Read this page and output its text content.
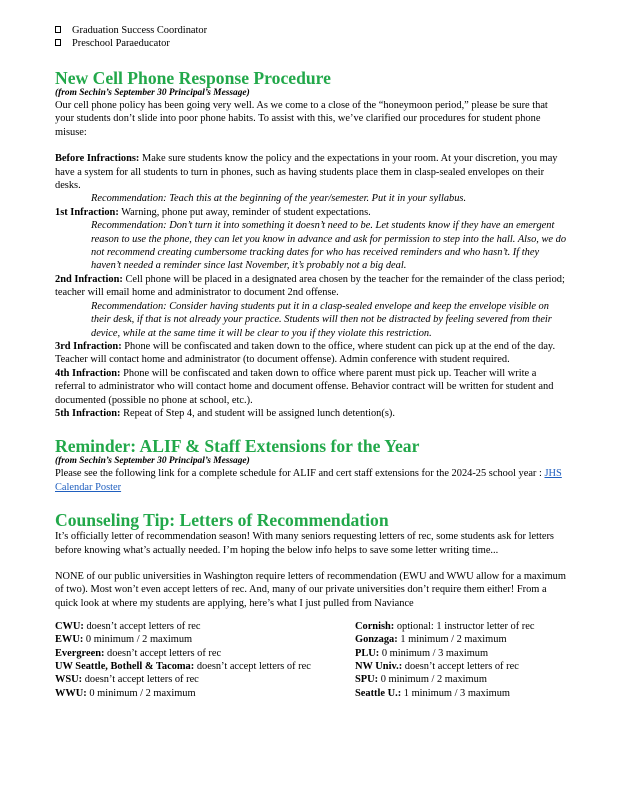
Graduation Success Coordinator
Preschool Paraeducator
New Cell Phone Response Procedure
(from Sechin’s September 30 Principal’s Message)

Our cell phone policy has been going very well. As we come to a close of the “honeymoon period,” please be sure that your students don’t slide into poor phone habits. To assist with this, we’ve clarified our procedures for student phone misuse:

Before Infractions: Make sure students know the policy and the expectations in your room. At your discretion, you may have a system for all students to turn in phones, such as having students place them in clasp-sealed envelopes on their desks.

Recommendation: Teach this at the beginning of the year/semester. Put it in your syllabus.

1st Infraction: Warning, phone put away, reminder of student expectations.

Recommendation: Don’t turn it into something it doesn’t need to be. Let students know if they have an emergent reason to use the phone, they can let you know in advance and ask for permission to step into the hall. Also, we do not recommend creating cumbersome tracking dates for who has received reminders and who hasn’t. If they haven’t needed a reminder since last November, it’s probably not a big deal.

2nd Infraction: Cell phone will be placed in a designated area chosen by the teacher for the remainder of the class period; teacher will email home and administrator to document 2nd offense.

Recommendation: Consider having students put it in a clasp-sealed envelope and keep the envelope visible on their desk, if that is not already your practice. Students will then not be distracted by feeling severed from their device, while at the same time it will be clear to you if they violate this restriction.

3rd Infraction: Phone will be confiscated and taken down to the office, where student can pick up at the end of the day. Teacher will contact home and administrator (to document offense). Admin conference with student required.

4th Infraction: Phone will be confiscated and taken down to office where parent must pick up. Teacher will write a referral to administrator who will contact home and document offense. Behavior contract will be written for student and documented (possible no phone at school, etc.).

5th Infraction: Repeat of Step 4, and student will be assigned lunch detention(s).

Reminder: ALIF & Staff Extensions for the Year
(from Sechin’s September 30 Principal’s Message)

Please see the following link for a complete schedule for ALIF and cert staff extensions for the 2024-25 school year : JHS Calendar Poster

Counseling Tip: Letters of Recommendation

It’s officially letter of recommendation season! With many seniors requesting letters of rec, some students ask for letters before knowing what’s actually needed. I’m hoping the below info helps to save some letter writing time...

NONE of our public universities in Washington require letters of recommendation (EWU and WWU allow for a maximum of two). Most won’t even accept letters of rec. And, many of our private universities don’t require them either! From a quick look at where my students are applying, here’s what I just pulled from Naviance

CWU: doesn’t accept letters of rec
EWU: 0 minimum / 2 maximum
Evergreen: doesn’t accept letters of rec
UW Seattle, Bothell & Tacoma: doesn’t accept letters of rec
WSU: doesn’t accept letters of rec
WWU: 0 minimum / 2 maximum
Cornish: optional: 1 instructor letter of rec
Gonzaga: 1 minimum / 2 maximum
PLU: 0 minimum / 3 maximum
NW Univ.: doesn’t accept letters of rec
SPU: 0 minimum / 2 maximum
Seattle U.: 1 minimum / 3 maximum
